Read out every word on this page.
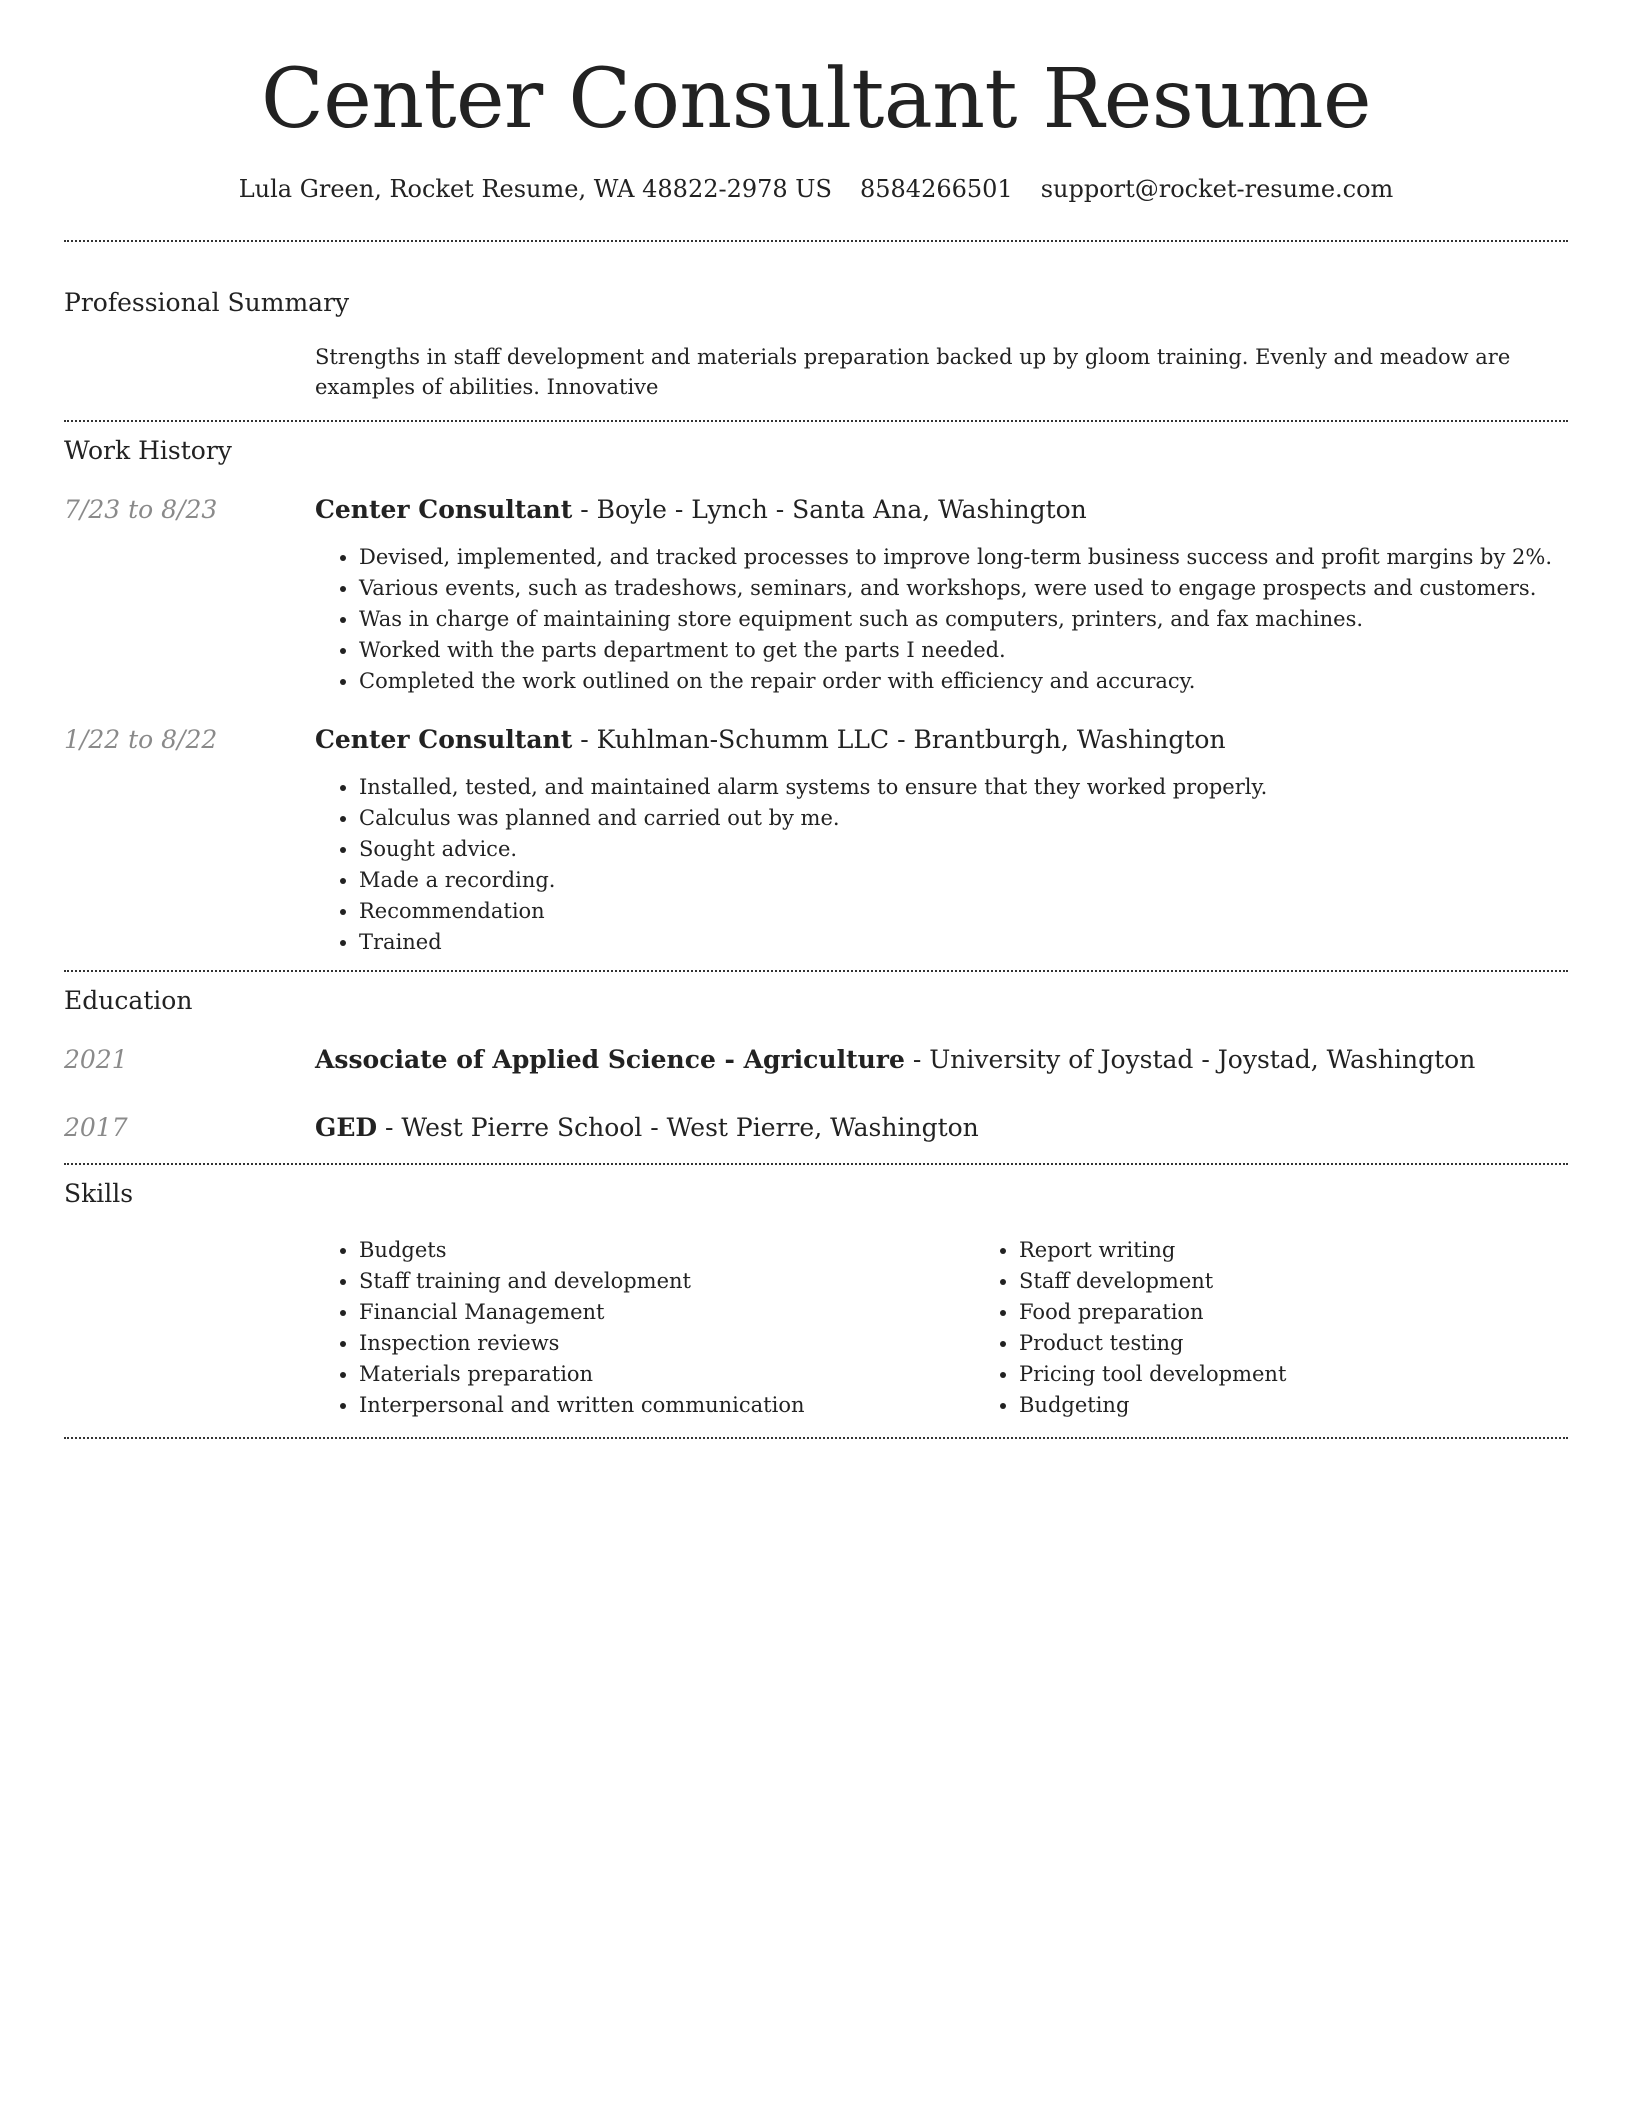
Center Consultant Resume
Lula Green, Rocket Resume, WA 48822-2978 US 8584266501 support@rocket-resume.com
Professional Summary
Strengths in staff development and materials preparation backed up by gloom training. Evenly and meadow are examples of abilities. Innovative
Work History
7/23 to 8/23	Center Consultant - Boyle - Lynch - Santa Ana, Washington
• Devised, implemented, and tracked processes to improve long-term business success and profit margins by 2%.
• Various events, such as tradeshows, seminars, and workshops, were used to engage prospects and customers.
• Was in charge of maintaining store equipment such as computers, printers, and fax machines.
• Worked with the parts department to get the parts I needed.
• Completed the work outlined on the repair order with efficiency and accuracy.
1/22 to 8/22	Center Consultant - Kuhlman-Schumm LLC - Brantburgh, Washington
• Installed, tested, and maintained alarm systems to ensure that they worked properly.
• Calculus was planned and carried out by me.
• Sought advice.
• Made a recording.
• Recommendation
• Trained
Education
2021	Associate of Applied Science - Agriculture - University of Joystad - Joystad, Washington
2017	GED - West Pierre School - West Pierre, Washington
Skills
• Budgets
• Staff training and development
• Financial Management
• Inspection reviews
• Materials preparation
• Interpersonal and written communication
• Report writing
• Staff development
• Food preparation
• Product testing
• Pricing tool development
• Budgeting
